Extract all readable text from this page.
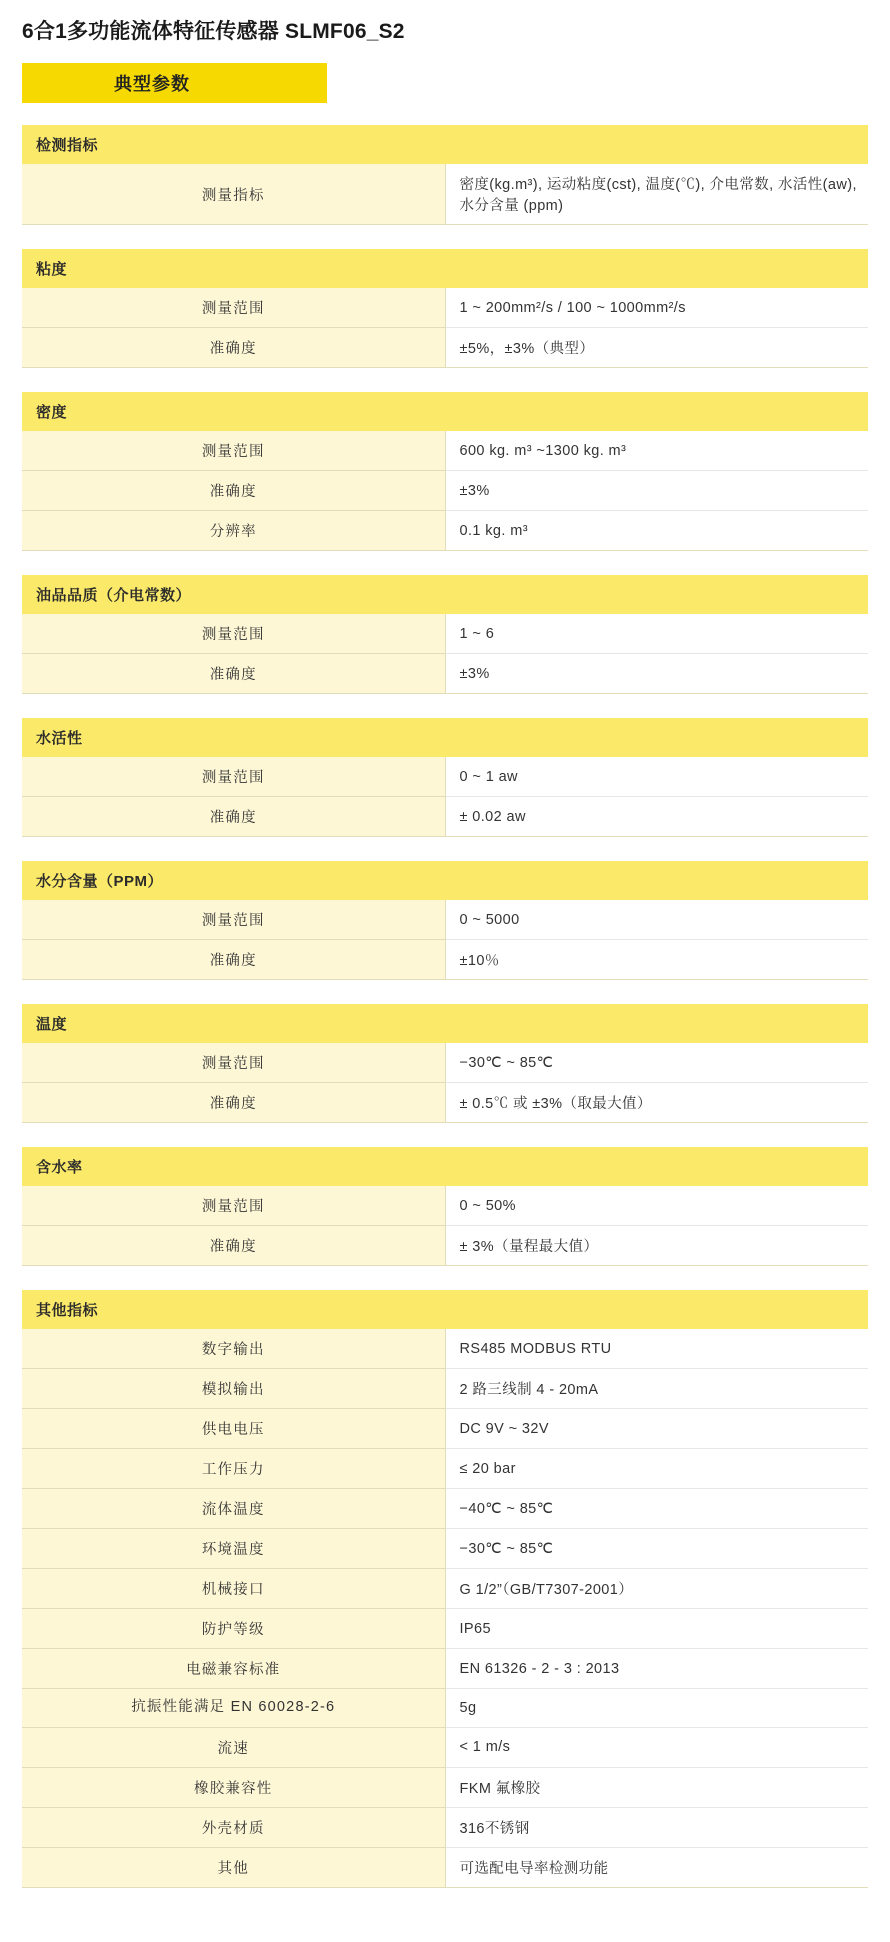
6合1多功能流体特征传感器 SLMF06_S2
典型参数
检测指标
测量指标	密度(kg.m³), 运动粘度(cst), 温度(℃), 介电常数, 水活性(aw), 水分含量 (ppm)
粘度	
测量范围	1 ~ 200mm²/s / 100 ~ 1000mm²/s
准确度	±5%，±3%（典型）
密度	
测量范围	600 kg. m³ ~1300 kg. m³
准确度	±3%
分辨率	0.1 kg. m³
油品品质（介电常数）	
测量范围	1 ~ 6
准确度	±3%
水活性	
测量范围	0 ~ 1 aw
准确度	± 0.02 aw
水分含量（PPM）	
测量范围	0 ~ 5000
准确度	±10％
温度	
测量范围	−30℃ ~ 85℃
准确度	± 0.5℃ 或 ±3%（取最大值）
含水率	
测量范围	0 ~ 50%
准确度	± 3%（量程最大值）
其他指标	
数字输出	RS485 MODBUS RTU
模拟输出	2 路三线制 4 - 20mA
供电电压	DC 9V ~ 32V
工作压力	≤ 20 bar
流体温度	−40℃ ~ 85℃
环境温度	−30℃ ~ 85℃
机械接口	G 1/2”（GB/T7307-2001）
防护等级	IP65
电磁兼容标准	EN 61326 - 2 - 3 : 2013
抗振性能满足 EN 60028-2-6	5g
流速	< 1 m/s
橡胶兼容性	FKM 氟橡胶
外壳材质	316不锈钢
其他	可选配电导率检测功能
